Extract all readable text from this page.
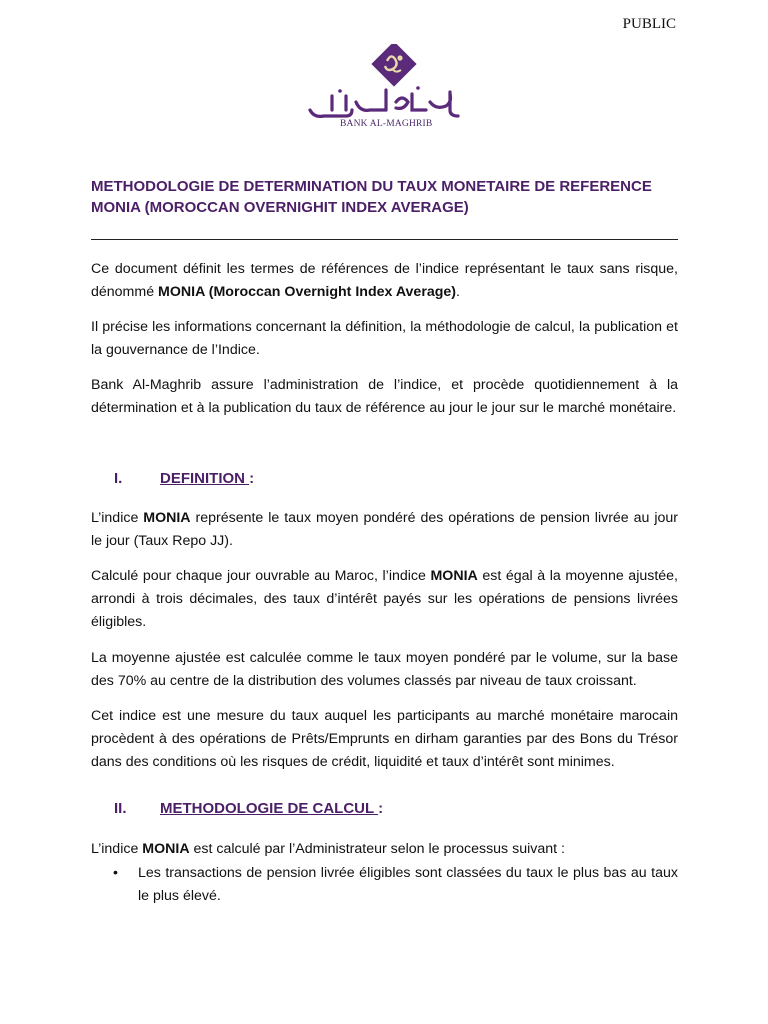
PUBLIC
BANK AL-MAGHRIB
METHODOLOGIE DE DETERMINATION DU TAUX MONETAIRE DE REFERENCE
MONIA (MOROCCAN OVERNIGHIT INDEX AVERAGE)
Ce document définit les termes de références de l’indice représentant le taux sans risque, dénommé MONIA (Moroccan Overnight Index Average).
Il précise les informations concernant la définition, la méthodologie de calcul, la publication et la gouvernance de l’Indice.
Bank Al-Maghrib assure l’administration de l’indice, et procède quotidiennement à la détermination et à la publication du taux de référence au jour le jour sur le marché monétaire.
I.	DEFINITION :
L’indice MONIA représente le taux moyen pondéré des opérations de pension livrée au jour le jour (Taux Repo JJ).
Calculé pour chaque jour ouvrable au Maroc, l’indice MONIA est égal à la moyenne ajustée, arrondi à trois décimales, des taux d’intérêt payés sur les opérations de pensions livrées éligibles.
La moyenne ajustée est calculée comme le taux moyen pondéré par le volume, sur la base des 70% au centre de la distribution des volumes classés par niveau de taux croissant.
Cet indice est une mesure du taux auquel les participants au marché monétaire marocain procèdent à des opérations de Prêts/Emprunts en dirham garanties par des Bons du Trésor dans des conditions où les risques de crédit, liquidité et taux d’intérêt sont minimes.
II. METHODOLOGIE DE CALCUL :
L’indice MONIA est calculé par l’Administrateur selon le processus suivant :
• Les transactions de pension livrée éligibles sont classées du taux le plus bas au taux le plus élevé.
